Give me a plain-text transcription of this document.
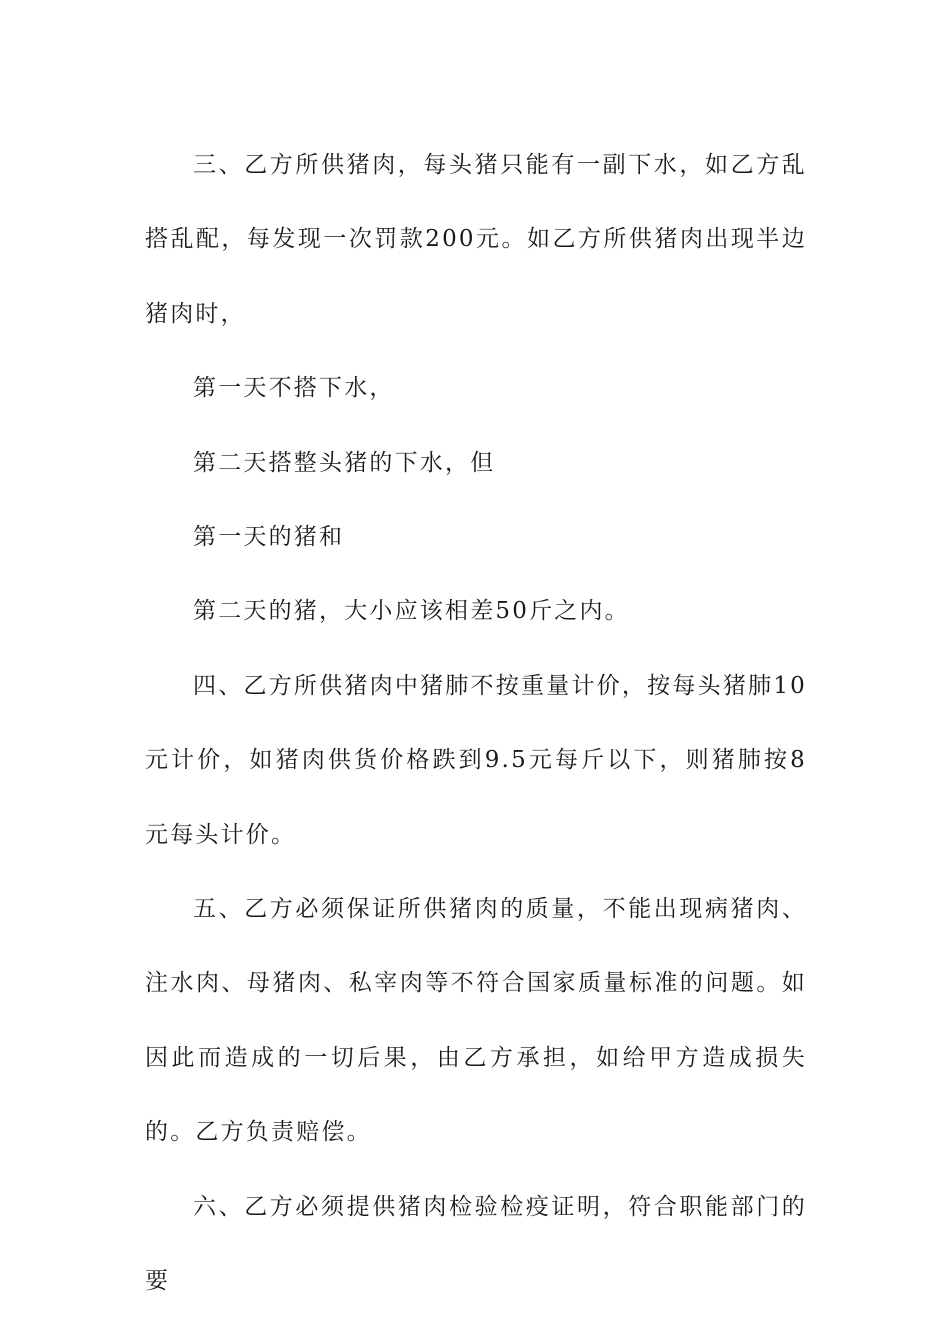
三、乙方所供猪肉，每头猪只能有一副下水，如乙方乱搭乱配，每发现一次罚款200元。如乙方所供猪肉出现半边猪肉时，

第一天不搭下水，

第二天搭整头猪的下水，但

第一天的猪和

第二天的猪，大小应该相差50斤之内。

四、乙方所供猪肉中猪肺不按重量计价，按每头猪肺10元计价，如猪肉供货价格跌到9.5元每斤以下，则猪肺按8元每头计价。

五、乙方必须保证所供猪肉的质量，不能出现病猪肉、注水肉、母猪肉、私宰肉等不符合国家质量标准的问题。如因此而造成的一切后果，由乙方承担，如给甲方造成损失的。乙方负责赔偿。

六、乙方必须提供猪肉检验检疫证明，符合职能部门的要
